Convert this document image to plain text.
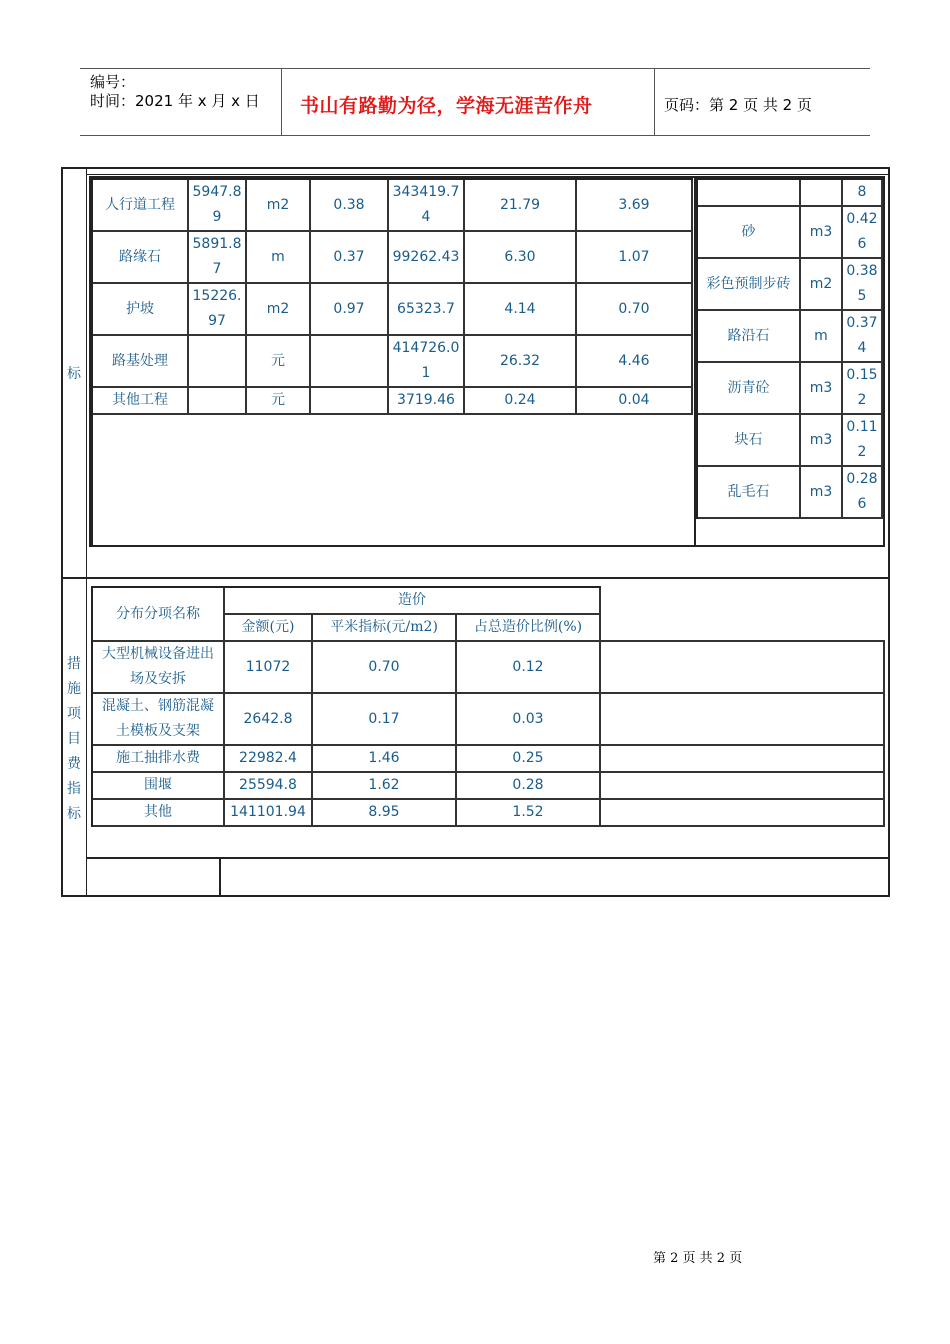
编号：
时间：2021 年 x 月 x 日 书山有路勤为径，学海无涯苦作舟	页码：第 2 页 共 2 页
标
人行道工程	5947.89	m2	0.38	343419.74	21.79	3.69
路缘石	5891.87	m	0.37	99262.43	6.30	1.07
护坡	15226.97	m2	0.97	65323.7	4.14	0.70
路基处理		元		414726.01	26.32	4.46
其他工程		元		3719.46	0.24	0.04

		8
砂	m3	0.426
彩色预制步砖	m2	0.385
路沿石	m	0.374
沥青砼	m3	0.152
块石	m3	0.112
乱毛石	m3	0.286
措
施
项
目
费
指
标
分布分项名称	造价		
	金额(元)	平米指标(元/m2)	占总造价比例(%)
大型机械设备进出场及安拆	11072	0.70	0.12
混凝土、钢筋混凝土模板及支架	2642.8	0.17	0.03
施工抽排水费	22982.4	1.46	0.25
围堰	25594.8	1.62	0.28
其他	141101.94	8.95	1.52
第 2 页 共 2 页
